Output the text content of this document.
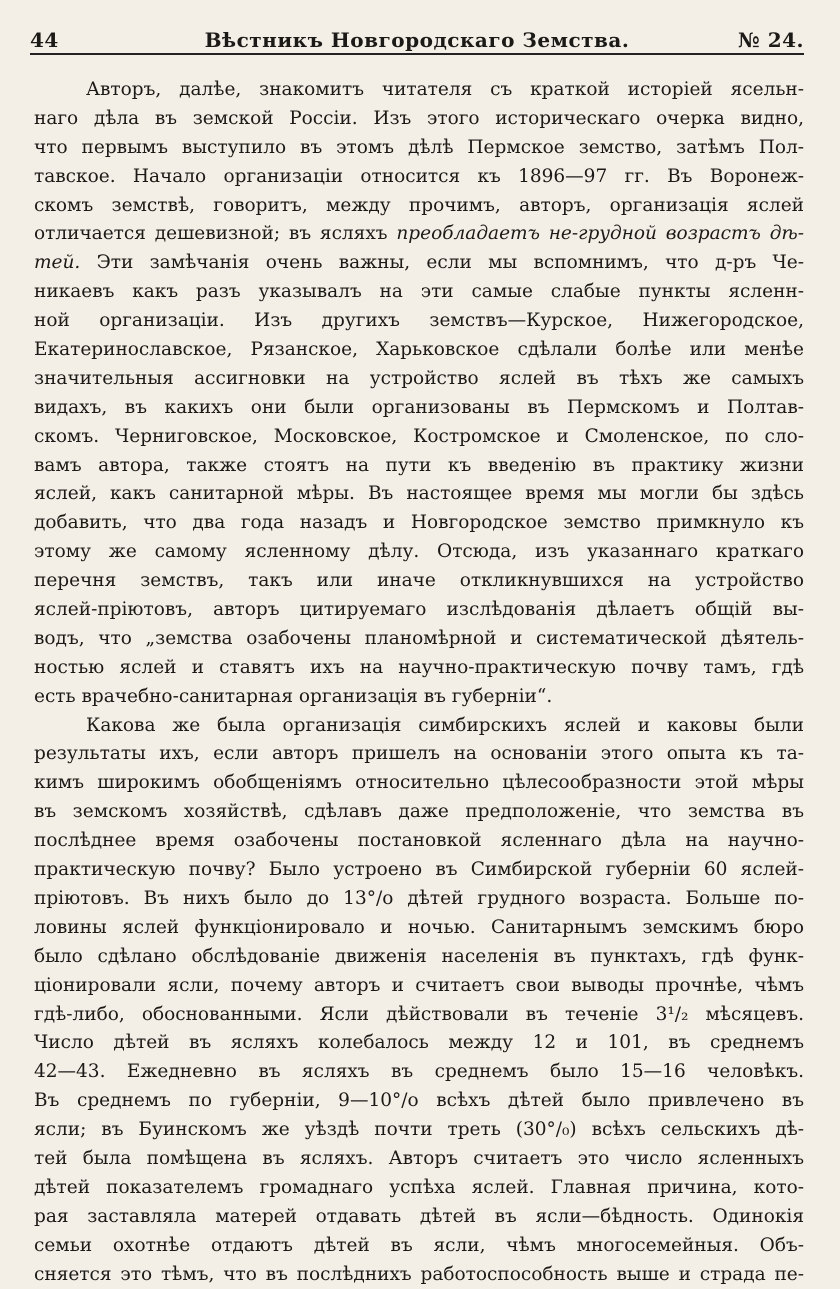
44	Вѣстникъ Новгородскаго Земства.	№ 24.
Авторъ, далѣе, знакомитъ читателя съ краткой исторіей ясельн-
наго дѣла въ земской Россіи. Изъ этого историческаго очерка видно,
что первымъ выступило въ этомъ дѣлѣ Пермское земство, затѣмъ Пол-
тавское. Начало организаціи относится къ 1896—97 гг. Въ Воронеж-
скомъ земствѣ, говоритъ, между прочимъ, авторъ, организація яслей
отличается дешевизной; въ ясляхъ преобладаетъ не-грудной возрастъ дѣ-
тей. Эти замѣчанія очень важны, если мы вспомнимъ, что д-ръ Че-
никаевъ какъ разъ указывалъ на эти самые слабые пункты ясленн-
ной организаціи. Изъ другихъ земствъ—Курское, Нижегородское,
Екатеринославское, Рязанское, Харьковское сдѣлали болѣе или менѣе
значительныя ассигновки на устройство яслей въ тѣхъ же самыхъ
видахъ, въ какихъ они были организованы въ Пермскомъ и Полтав-
скомъ. Черниговское, Московское, Костромское и Смоленское, по сло-
вамъ автора, также стоятъ на пути къ введенію въ практику жизни
яслей, какъ санитарной мѣры. Въ настоящее время мы могли бы здѣсь
добавить, что два года назадъ и Новгородское земство примкнуло къ
этому же самому ясленному дѣлу. Отсюда, изъ указаннаго краткаго
перечня земствъ, такъ или иначе откликнувшихся на устройство
яслей-пріютовъ, авторъ цитируемаго изслѣдованія дѣлаетъ общій вы-
водъ, что „земства озабочены планомѣрной и систематической дѣятель-
ностью яслей и ставятъ ихъ на научно-практическую почву тамъ, гдѣ
есть врачебно-санитарная организація въ губерніи“.
Какова же была организація симбирскихъ яслей и каковы были
результаты ихъ, если авторъ пришелъ на основаніи этого опыта къ та-
кимъ широкимъ обобщеніямъ относительно цѣлесообразности этой мѣры
въ земскомъ хозяйствѣ, сдѣлавъ даже предположеніе, что земства въ
послѣднее время озабочены постановкой ясленнаго дѣла на научно-
практическую почву? Было устроено въ Симбирской губерніи 60 яслей-
пріютовъ. Въ нихъ было до 13°/о дѣтей грудного возраста. Больше по-
ловины яслей функціонировало и ночью. Санитарнымъ земскимъ бюро
было сдѣлано обслѣдованіе движенія населенія въ пунктахъ, гдѣ функ-
ціонировали ясли, почему авторъ и считаетъ свои выводы прочнѣе, чѣмъ
гдѣ-либо, обоснованными. Ясли дѣйствовали въ теченіе 3¹/₂ мѣсяцевъ.
Число дѣтей въ ясляхъ колебалось между 12 и 101, въ среднемъ
42—43. Ежедневно въ ясляхъ въ среднемъ было 15—16 человѣкъ.
Въ среднемъ по губерніи, 9—10°/о всѣхъ дѣтей было привлечено въ
ясли; въ Буинскомъ же уѣздѣ почти треть (30°/₀) всѣхъ сельскихъ дѣ-
тей была помѣщена въ ясляхъ. Авторъ считаетъ это число ясленныхъ
дѣтей показателемъ громаднаго успѣха яслей. Главная причина, кото-
рая заставляла матерей отдавать дѣтей въ ясли—бѣдность. Одинокія
семьи охотнѣе отдаютъ дѣтей въ ясли, чѣмъ многосемейныя. Объ-
сняется это тѣмъ, что въ послѣднихъ работоспособность выше и страда пе-
